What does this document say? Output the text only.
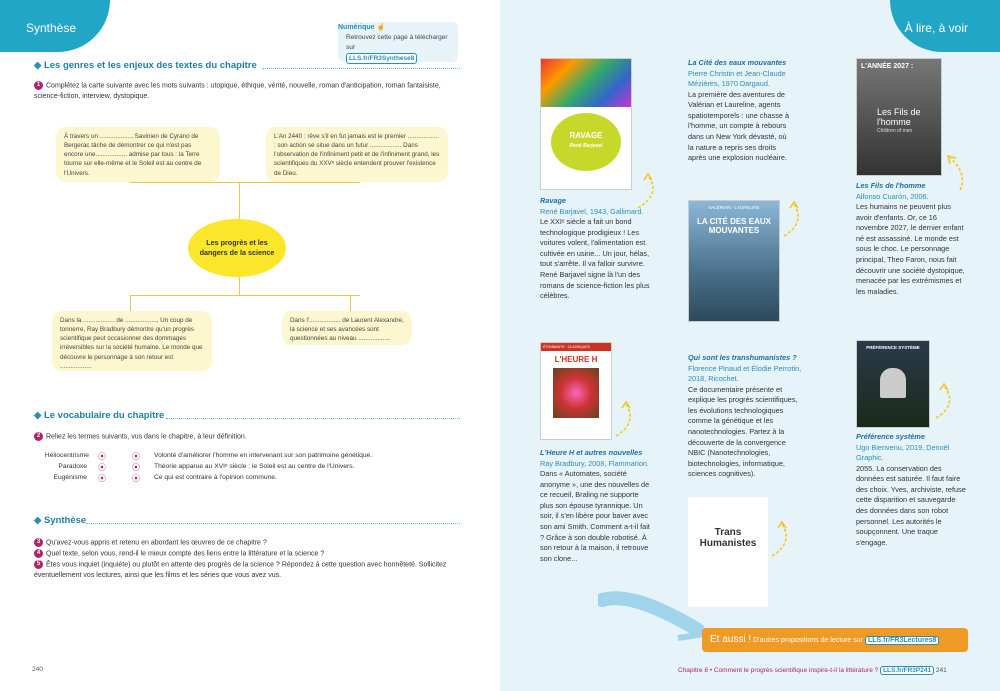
Synthèse
Retrouvez cette page à télécharger sur
LLS.fr/FR3Synthese8
Numérique ☝
◆ Les genres et les enjeux des textes du chapitre
1 Complétez la carte suivante avec les mots suivants : utopique, éthique, vérité, nouvelle, roman d'anticipation, roman fantaisiste, science-fiction, interview, dystopique.
À travers un .................., Savinien de Cyrano de Bergerac tâche de démontrer ce qui n'est pas encore une.................. admise par tous : la Terre tourne sur elle-même et le Soleil est au centre de l'Univers.
L'An 2440 : rêve s'il en fut jamais est le premier .................. : son action se situe dans un futur .................. Dans l'observation de l'infiniment petit et de l'infiniment grand, les scientifiques du XXVᵉ siècle entendent prouver l'existence de Dieu.
Les progrès et les dangers de la science
Dans la .................. de .................., Un coup de tonnerre, Ray Bradbury démontre qu'un progrès scientifique peut occasionner des dommages irréversibles sur la société humaine. Le monde que découvre le personnage à son retour est ..................
Dans l'.................. de Laurent Alexandre, la science et ses avancées sont questionnées au niveau ..................
◆ Le vocabulaire du chapitre
2 Reliez les termes suivants, vus dans le chapitre, à leur définition.
Héliocentrisme
Paradoxe
Eugénisme
⦿
⦿
⦿
⦿
⦿
⦿
Volonté d'améliorer l'homme en intervenant sur son patrimoine génétique.
Théorie apparue au XVIᵉ siècle : le Soleil est au centre de l'Univers.
Ce qui est contraire à l'opinion commune.
◆ Synthèse
3 Qu'avez-vous appris et retenu en abordant les œuvres de ce chapitre ?
4 Quel texte, selon vous, rend-il le mieux compte des liens entre la littérature et la science ?
5 Êtes vous inquiet (inquiète) ou plutôt en attente des progrès de la science ? Répondez à cette question avec honnêteté. Sollicitez éventuellement vos lectures, ainsi que les films et les séries que vous avez vus.
240
À lire, à voir
RAVAGE
René Barjavel
Ravage
René Barjavel, 1943, Gallimard.
Le XXIᵉ siècle a fait un bond technologique prodigieux ! Les voitures volent, l'alimentation est cultivée en usine... Un jour, hélas, tout s'arrête. Il va falloir survivre. René Barjavel signe là l'un des romans de science-fiction les plus célèbres.
La Cité des eaux mouvantes
Pierre Christin et Jean-Claude Mézières, 1970 Dargaud.
La première des aventures de Valérian et Laureline, agents spatiotemporels : une chasse à l'homme, un compte à rebours dans un New York dévasté, où la nature a repris ses droits après une explosion nucléaire.
VALÉRIAN · LAURELINE
LA CITÉ DES EAUX MOUVANTES
L'ANNÉE 2027 :
Les Fils de l'homme
Children of men
Les Fils de l'homme
Alfonso Cuarón, 2006.
Les humains ne peuvent plus avoir d'enfants. Or, ce 16 novembre 2027, le dernier enfant né est assassiné. Le monde est sous le choc. Le personnage principal, Theo Faron, nous fait découvrir une société dystopique, menacée par les extrémismes et les maladies.
ÉTONNANTS · CLASSIQUES
L'HEURE H
L'Heure H et autres nouvelles
Ray Bradbury, 2008, Flammarion.
Dans « Automates, société anonyme », une des nouvelles de ce recueil, Braling ne supporte plus son épouse tyrannique. Un soir, il s'en libère pour baver avec son ami Smith. Comment a-t-il fait ? Grâce à son double robotisé. À son retour à la maison, il retrouve son clone...
Qui sont les transhumanistes ?
Florence Pinaud et Élodie Perrotin, 2018, Ricochet.
Ce documentaire présente et explique les progrès scientifiques, les évolutions technologiques comme la génétique et les nanotechnologies. Partez à la découverte de la convergence NBIC (Nanotechnologies, biotechnologies, informatique, sciences cognitives).
Trans Humanistes
PRÉFÉRENCE SYSTÈME
Préférence système
Ugo Bienvenu, 2019, Denoël Graphic.
2055. La conservation des données est saturée. Il faut faire des choix. Yves, archiviste, refuse cette disparition et sauvegarde des données dans son robot personnel. Les autorités le soupçonnent. Une traque s'engage.
Et aussi ! D'autres propositions de lecture sur LLS.fr/FR3Lectures8
Chapitre 8 • Comment le progrès scientifique inspire-t-il la littérature ? LLS.fr/FR3P241 241
